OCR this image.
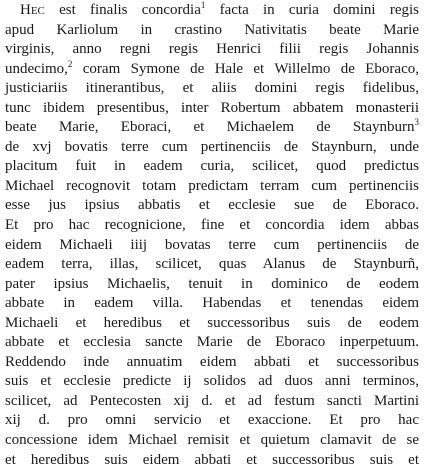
Hec est finalis concordia$^1$ facta in curia domini regis
apud Karliolum in crastino Nativitatis beate Marie
virginis, anno regni regis Henrici filii regis Johannis
undecimo,$^2$ coram Symone de Hale et Willelmo de Eboraco,
justiciariis itinerantibus, et aliis domini regis fidelibus,
tunc ibidem presentibus, inter Robertum abbatem monasterii
beate Marie, Eboraci, et Michaelem de Staynburn$^3$
de xvj bovatis terre cum pertinenciis de Staynburn, unde
placitum fuit in eadem curia, scilicet, quod predictus
Michael recognovit totam predictam terram cum pertinenciis
esse jus ipsius abbatis et ecclesie sue de Eboraco.
Et pro hac recognicione, fine et concordia idem abbas
eidem Michaeli iiij bovatas terre cum pertinenciis de
eadem terra, illas, scilicet, quas Alanus de Staynburñ,
pater ipsius Michaelis, tenuit in dominico de eodem
abbate in eadem villa. Habendas et tenendas eidem
Michaeli et heredibus et successoribus suis de eodem
abbate et ecclesia sancte Marie de Eboraco inperpetuum.
Reddendo inde annuatim eidem abbati et successoribus
suis et ecclesie predicte ij solidos ad duos anni terminos,
scilicet, ad Pentecosten xij d. et ad festum sancti Martini
xij d. pro omni servicio et exaccione. Et pro hac
concessione idem Michael remisit et quietum clamavit de se
et heredibus suis eidem abbati et successoribus suis et
